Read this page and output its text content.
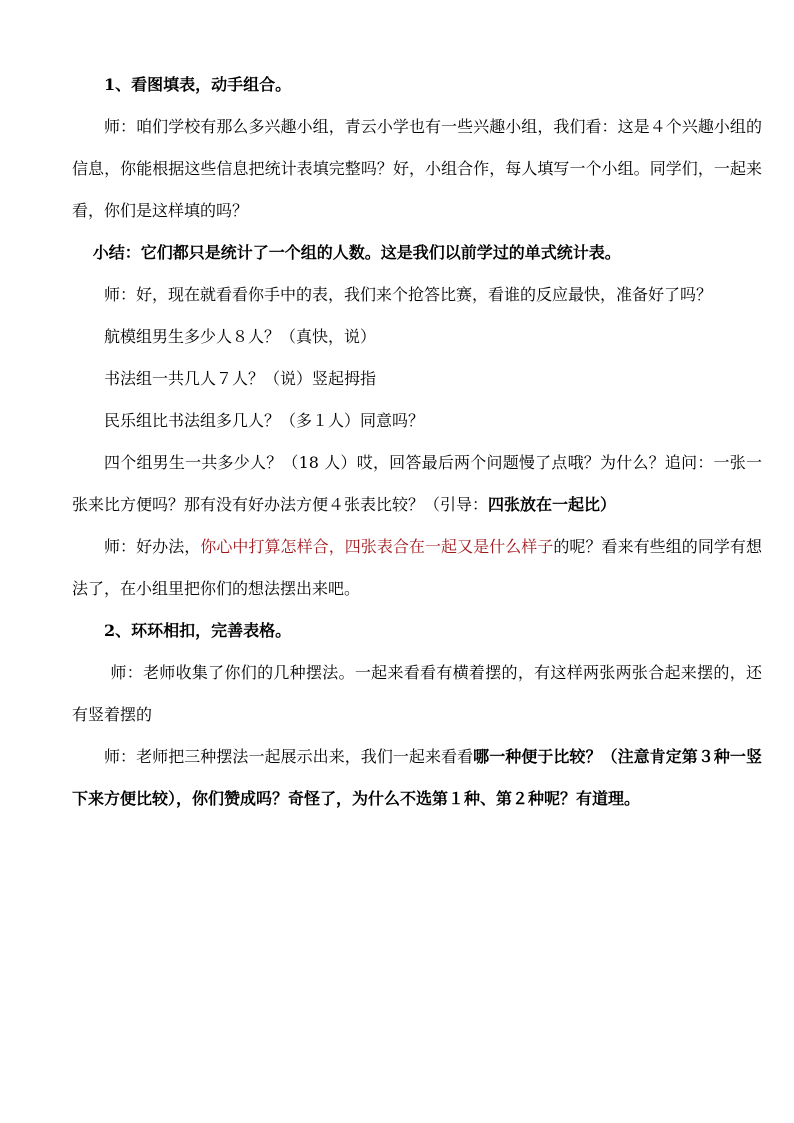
1、看图填表，动手组合。

师：咱们学校有那么多兴趣小组，青云小学也有一些兴趣小组，我们看：这是４个兴趣小组的信息，你能根据这些信息把统计表填完整吗？好，小组合作，每人填写一个小组。同学们，一起来看，你们是这样填的吗？

小结：它们都只是统计了一个组的人数。这是我们以前学过的单式统计表。

师：好，现在就看看你手中的表，我们来个抢答比赛，看谁的反应最快，准备好了吗？

航模组男生多少人８人？（真快，说）

书法组一共几人７人？（说）竖起拇指

民乐组比书法组多几人？（多１人）同意吗？

四个组男生一共多少人？（18 人）哎，回答最后两个问题慢了点哦？为什么？追问：一张一张来比方便吗？那有没有好办法方便４张表比较？（引导：四张放在一起比）

师：好办法，你心中打算怎样合，四张表合在一起又是什么样子的呢？看来有些组的同学有想法了，在小组里把你们的想法摆出来吧。

2、环环相扣，完善表格。

师：老师收集了你们的几种摆法。一起来看看有横着摆的，有这样两张两张合起来摆的，还有竖着摆的

师：老师把三种摆法一起展示出来，我们一起来看看哪一种便于比较？（注意肯定第３种一竖下来方便比较），你们赞成吗？奇怪了，为什么不选第１种、第２种呢？有道理。
